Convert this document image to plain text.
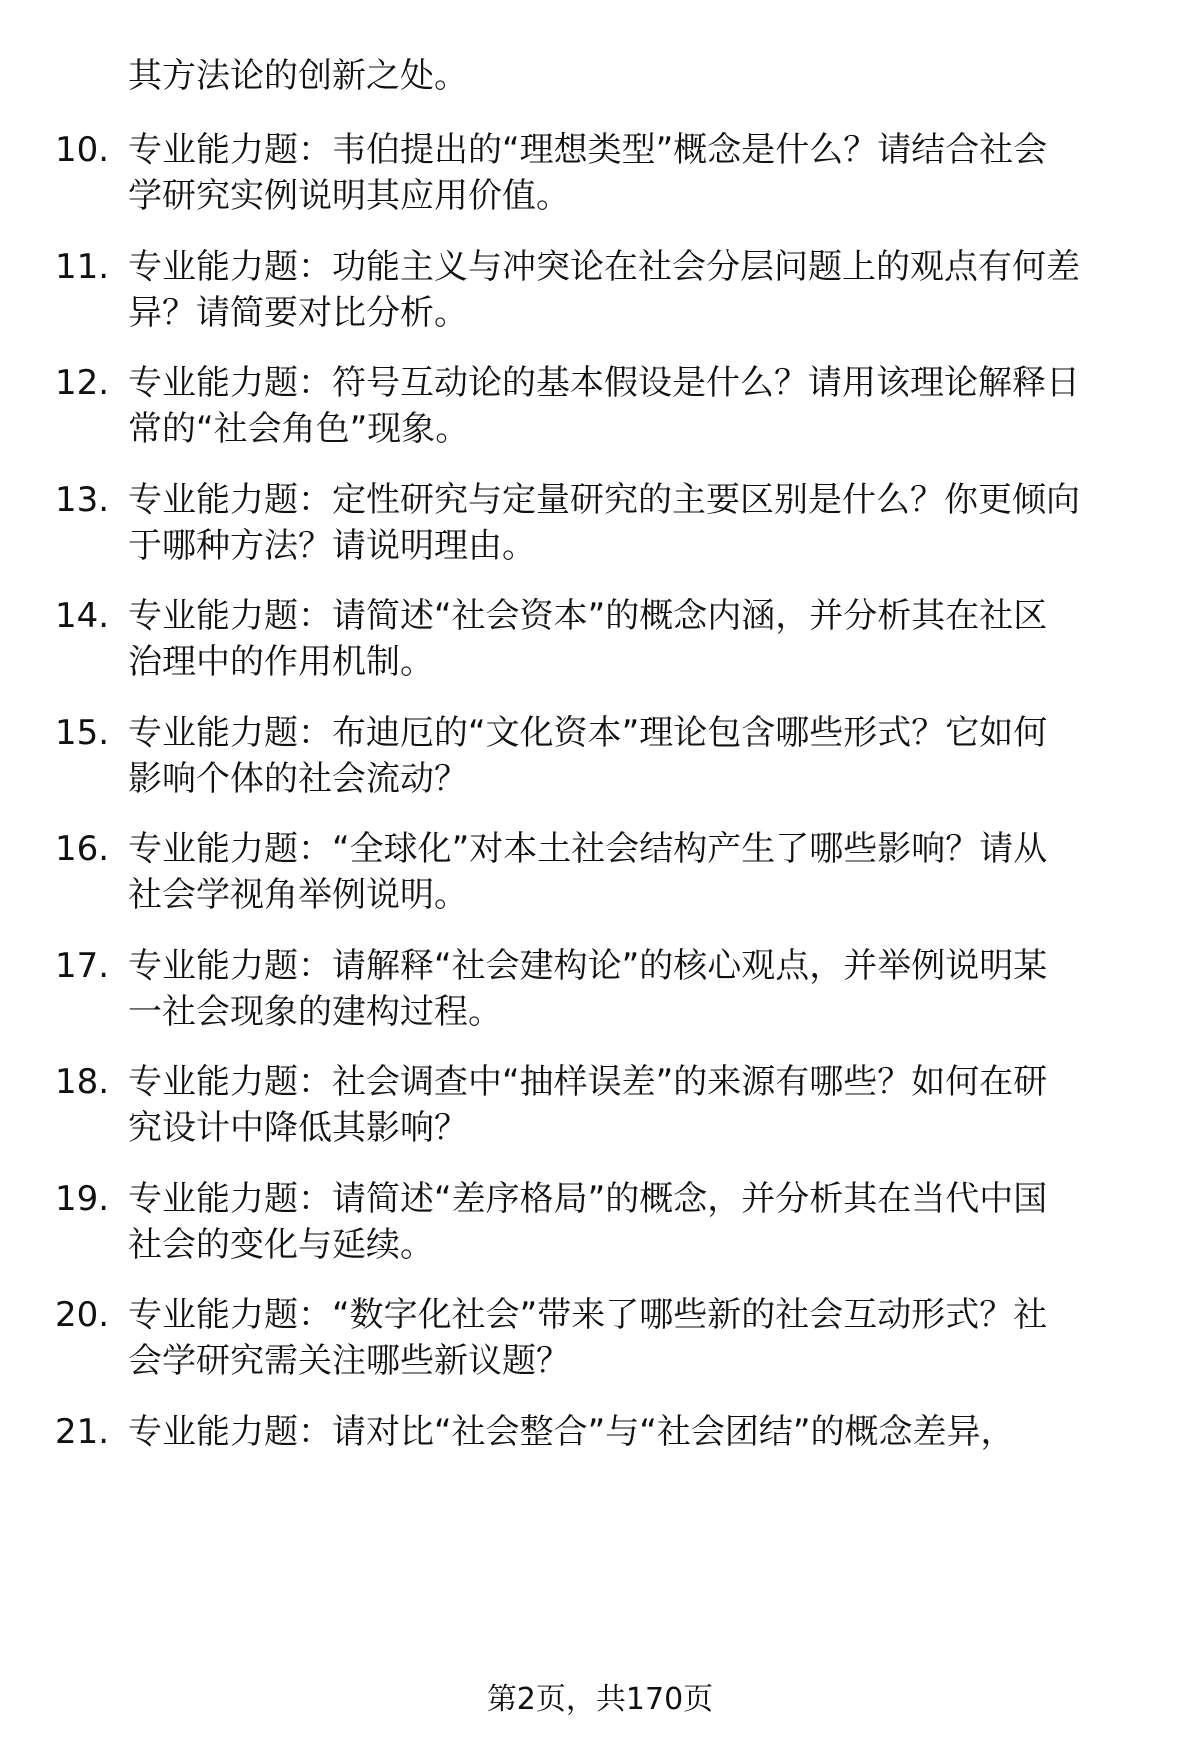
其方法论的创新之处。
10. 专业能力题：韦伯提出的“理想类型”概念是什么？请结合社会
学研究实例说明其应用价值。
11. 专业能力题：功能主义与冲突论在社会分层问题上的观点有何差
异？请简要对比分析。
12. 专业能力题：符号互动论的基本假设是什么？请用该理论解释日
常的“社会角色”现象。
13. 专业能力题：定性研究与定量研究的主要区别是什么？你更倾向
于哪种方法？请说明理由。
14. 专业能力题：请简述“社会资本”的概念内涵，并分析其在社区
治理中的作用机制。
15. 专业能力题：布迪厄的“文化资本”理论包含哪些形式？它如何
影响个体的社会流动？
16. 专业能力题：“全球化”对本土社会结构产生了哪些影响？请从
社会学视角举例说明。
17. 专业能力题：请解释“社会建构论”的核心观点，并举例说明某
一社会现象的建构过程。
18. 专业能力题：社会调查中“抽样误差”的来源有哪些？如何在研
究设计中降低其影响？
19. 专业能力题：请简述“差序格局”的概念，并分析其在当代中国
社会的变化与延续。
20. 专业能力题：“数字化社会”带来了哪些新的社会互动形式？社
会学研究需关注哪些新议题？
21. 专业能力题：请对比“社会整合”与“社会团结”的概念差异，
第2页，共170页
